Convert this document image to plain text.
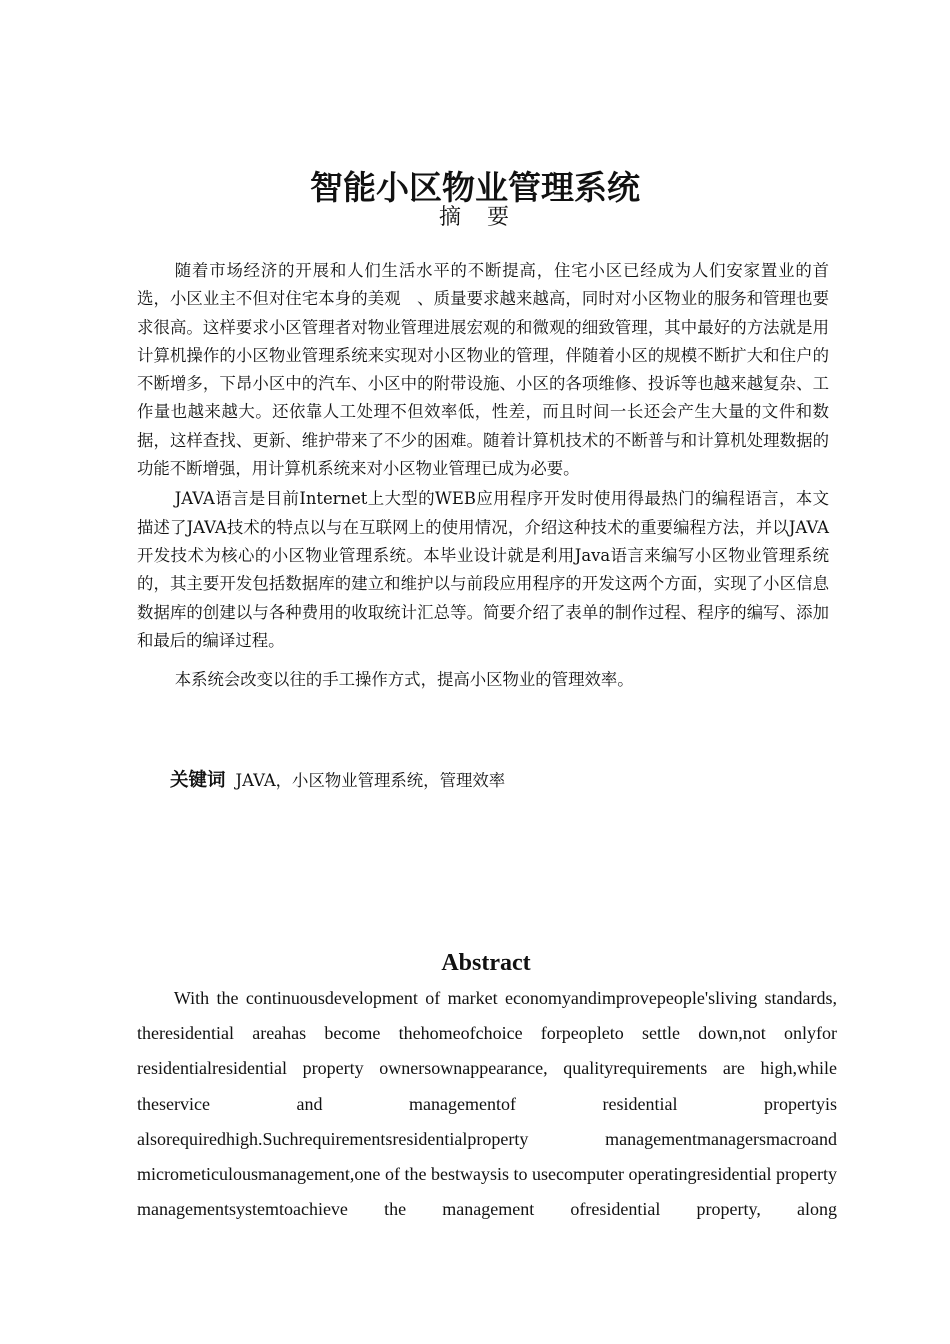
智能小区物业管理系统
摘　要

随着市场经济的开展和人们生活水平的不断提高，住宅小区已经成为人们安家置业的首选，小区业主不但对住宅本身的美观　、质量要求越来越高，同时对小区物业的服务和管理也要求很高。这样要求小区管理者对物业管理进展宏观的和微观的细致管理，其中最好的方法就是用计算机操作的小区物业管理系统来实现对小区物业的管理，伴随着小区的规模不断扩大和住户的不断增多，下昂小区中的汽车、小区中的附带设施、小区的各项维修、投诉等也越来越复杂、工作量也越来越大。还依靠人工处理不但效率低，性差，而且时间一长还会产生大量的文件和数据，这样查找、更新、维护带来了不少的困难。随着计算机技术的不断普与和计算机处理数据的功能不断增强，用计算机系统来对小区物业管理已成为必要。

JAVA语言是目前Internet上大型的WEB应用程序开发时使用得最热门的编程语言，本文描述了JAVA技术的特点以与在互联网上的使用情况，介绍这种技术的重要编程方法，并以JAVA开发技术为核心的小区物业管理系统。本毕业设计就是利用Java语言来编写小区物业管理系统的，其主要开发包括数据库的建立和维护以与前段应用程序的开发这两个方面，实现了小区信息数据库的创建以与各种费用的收取统计汇总等。简要介绍了表单的制作过程、程序的编写、添加和最后的编译过程。

本系统会改变以往的手工操作方式，提高小区物业的管理效率。

关键词 JAVA，小区物业管理系统，管理效率
Abstract

With the continuousdevelopment of market economyandimprovepeople'sliving standards, theresidential areahas become thehomeofchoice forpeopleto settle down,not onlyfor residentialresidential property ownersownappearance, qualityrequirements are high,while theservice and managementof residential propertyis alsorequiredhigh.Suchrequirementsresidentialproperty managementmanagersmacroand micrometiculousmanagement,one of the bestwaysis to usecomputer operatingresidential property managementsystemtoachieve the management ofresidential property, along
